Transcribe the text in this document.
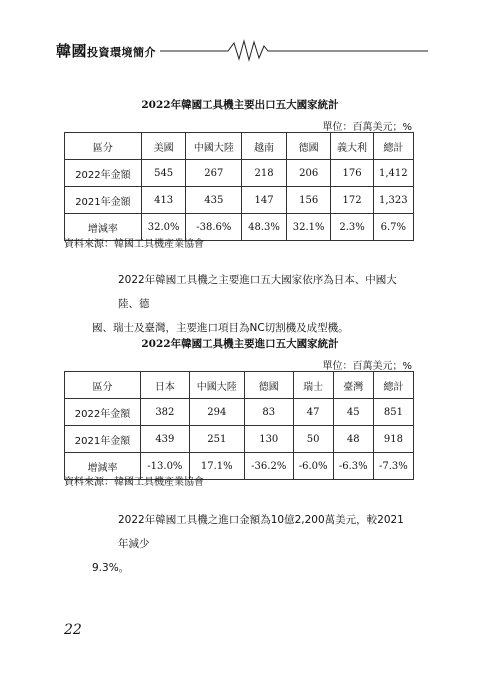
韓國投資環境簡介
2022年韓國工具機主要出口五大國家統計
單位：百萬美元；%
區分	美國	中國大陸	越南	德國	義大利	總計
2022年金額	545	267	218	206	176	1,412
2021年金額	413	435	147	156	172	1,323
增減率	32.0%	-38.6%	48.3%	32.1%	2.3%	6.7%
資料來源：韓國工具機產業協會
2022年韓國工具機之主要進口五大國家依序為日本、中國大陸、德
國、瑞士及臺灣，主要進口項目為NC切割機及成型機。
2022年韓國工具機主要進口五大國家統計
單位：百萬美元；%
區分	日本	中國大陸	德國	瑞士	臺灣	總計
2022年金額	382	294	83	47	45	851
2021年金額	439	251	130	50	48	918
增減率	-13.0%	17.1%	-36.2%	-6.0%	-6.3%	-7.3%
資料來源：韓國工具機產業協會
2022年韓國工具機之進口金額為10億2,200萬美元，較2021年減少
9.3%。
22
